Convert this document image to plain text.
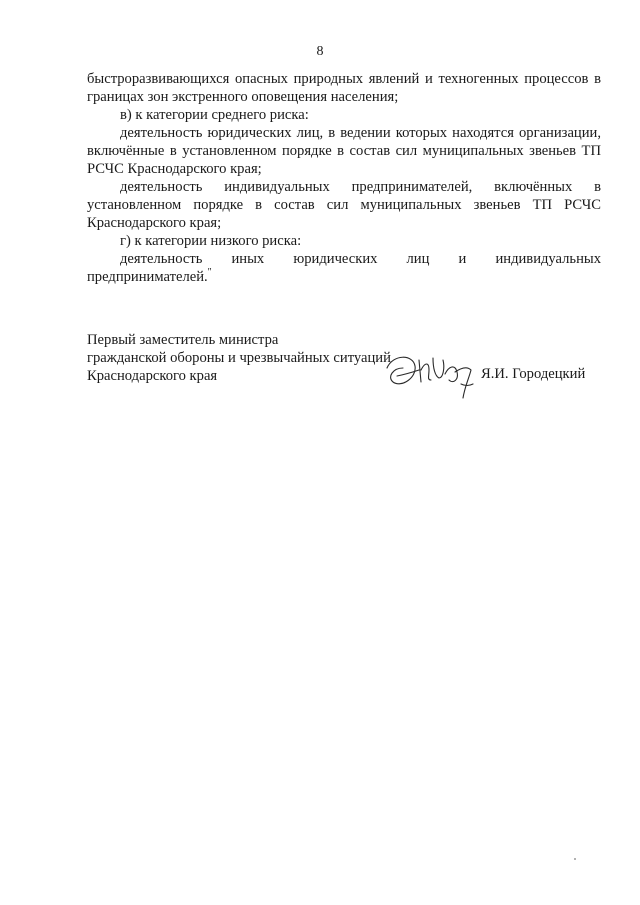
8

быстроразвивающихся опасных природных явлений и техногенных процессов в границах зон экстренного оповещения населения;

в) к категории среднего риска:

деятельность юридических лиц, в ведении которых находятся организации, включённые в установленном порядке в состав сил муниципальных звеньев ТП РСЧС Краснодарского края;

деятельность индивидуальных предпринимателей, включённых в установленном порядке в состав сил муниципальных звеньев ТП РСЧС Краснодарского края;

г) к категории низкого риска:

деятельность иных юридических лиц и индивидуальных предпринимателей."

Первый заместитель министра
гражданской обороны и чрезвычайных ситуаций
Краснодарского края	Я.И. Городецкий
